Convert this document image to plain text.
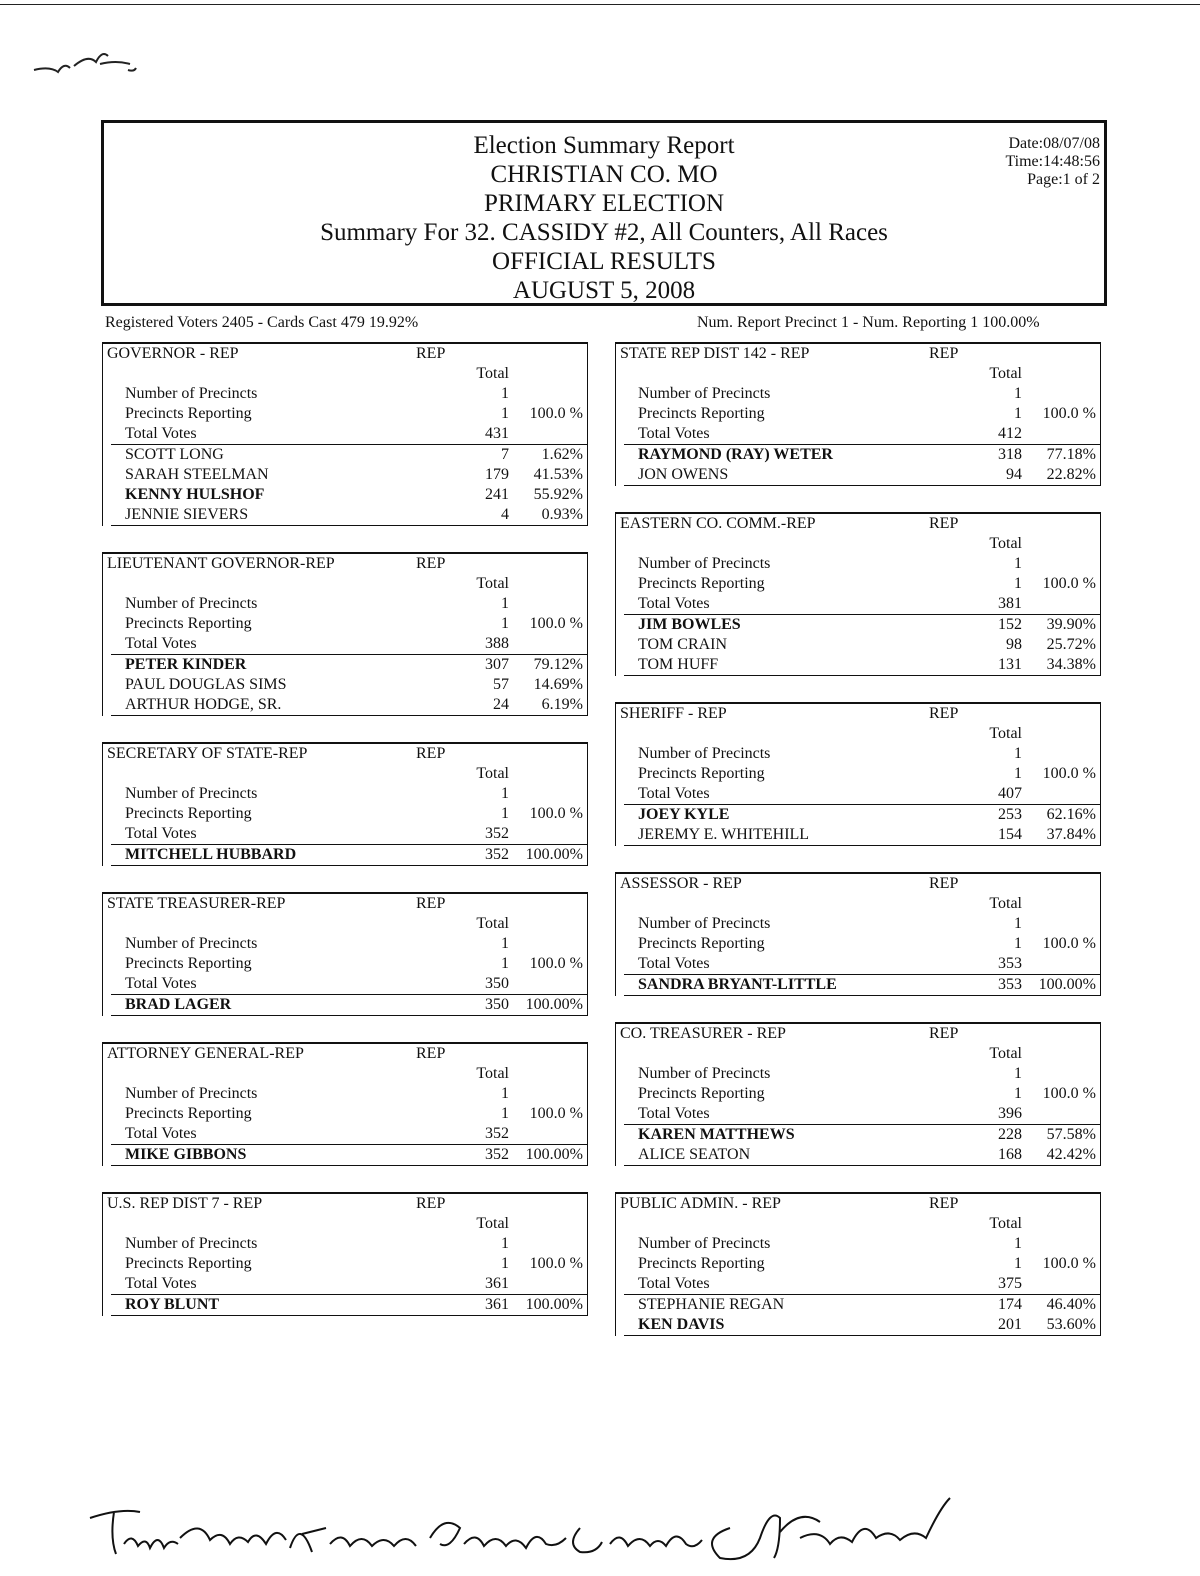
Election Summary Report
CHRISTIAN CO. MO
PRIMARY ELECTION
Summary For 32. CASSIDY #2, All Counters, All Races
OFFICIAL RESULTS
AUGUST 5, 2008
Date:08/07/08
Time:14:48:56
Page:1 of 2
Registered Voters 2405 - Cards Cast 479 19.92%	Num. Report Precinct 1 - Num. Reporting 1 100.00%
GOVERNOR - REP	REP
Total
Number of Precincts	1
Precincts Reporting	1 100.0 %
Total Votes	431
SCOTT LONG	7 1.62%
SARAH STEELMAN	179 41.53%
KENNY HULSHOF	241 55.92%
JENNIE SIEVERS	4 0.93%
LIEUTENANT GOVERNOR-REP	REP
Total
Number of Precincts	1
Precincts Reporting	1 100.0 %
Total Votes	388
PETER KINDER	307 79.12%
PAUL DOUGLAS SIMS	57 14.69%
ARTHUR HODGE, SR.	24 6.19%
SECRETARY OF STATE-REP	REP
Total
Number of Precincts	1
Precincts Reporting	1 100.0 %
Total Votes	352
MITCHELL HUBBARD	352 100.00%
STATE TREASURER-REP	REP
Total
Number of Precincts	1
Precincts Reporting	1 100.0 %
Total Votes	350
BRAD LAGER	350 100.00%
ATTORNEY GENERAL-REP	REP
Total
Number of Precincts	1
Precincts Reporting	1 100.0 %
Total Votes	352
MIKE GIBBONS	352 100.00%
U.S. REP DIST 7 - REP	REP
Total
Number of Precincts	1
Precincts Reporting	1 100.0 %
Total Votes	361
ROY BLUNT	361 100.00%
STATE REP DIST 142 - REP	REP
Total
Number of Precincts	1
Precincts Reporting	1 100.0 %
Total Votes	412
RAYMOND (RAY) WETER	318 77.18%
JON OWENS	94 22.82%
EASTERN CO. COMM.-REP	REP
Total
Number of Precincts	1
Precincts Reporting	1 100.0 %
Total Votes	381
JIM BOWLES	152 39.90%
TOM CRAIN	98 25.72%
TOM HUFF	131 34.38%
SHERIFF - REP	REP
Total
Number of Precincts	1
Precincts Reporting	1 100.0 %
Total Votes	407
JOEY KYLE	253 62.16%
JEREMY E. WHITEHILL	154 37.84%
ASSESSOR - REP	REP
Total
Number of Precincts	1
Precincts Reporting	1 100.0 %
Total Votes	353
SANDRA BRYANT-LITTLE	353 100.00%
CO. TREASURER - REP	REP
Total
Number of Precincts	1
Precincts Reporting	1 100.0 %
Total Votes	396
KAREN MATTHEWS	228 57.58%
ALICE SEATON	168 42.42%
PUBLIC ADMIN. - REP	REP
Total
Number of Precincts	1
Precincts Reporting	1 100.0 %
Total Votes	375
STEPHANIE REGAN	174 46.40%
KEN DAVIS	201 53.60%
